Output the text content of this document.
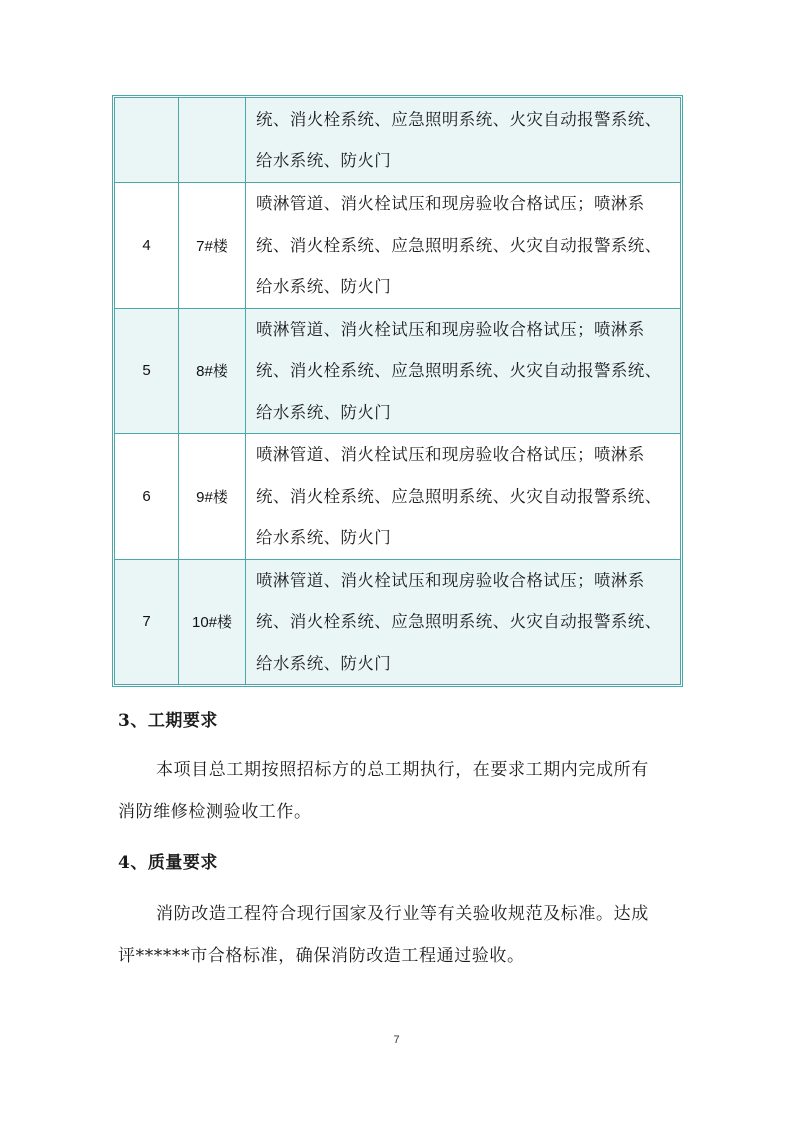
		统、消火栓系统、应急照明系统、火灾自动报警系统、
给水系统、防火门

4	7#楼	喷淋管道、消火栓试压和现房验收合格试压；喷淋系
统、消火栓系统、应急照明系统、火灾自动报警系统、
给水系统、防火门

5	8#楼	喷淋管道、消火栓试压和现房验收合格试压；喷淋系
统、消火栓系统、应急照明系统、火灾自动报警系统、
给水系统、防火门

6	9#楼	喷淋管道、消火栓试压和现房验收合格试压；喷淋系
统、消火栓系统、应急照明系统、火灾自动报警系统、
给水系统、防火门

7	10#楼	喷淋管道、消火栓试压和现房验收合格试压；喷淋系
统、消火栓系统、应急照明系统、火灾自动报警系统、
给水系统、防火门
3、工期要求
本项目总工期按照招标方的总工期执行，在要求工期内完成所有
消防维修检测验收工作。
4、质量要求
消防改造工程符合现行国家及行业等有关验收规范及标准。达成
评******市合格标准，确保消防改造工程通过验收。
7
